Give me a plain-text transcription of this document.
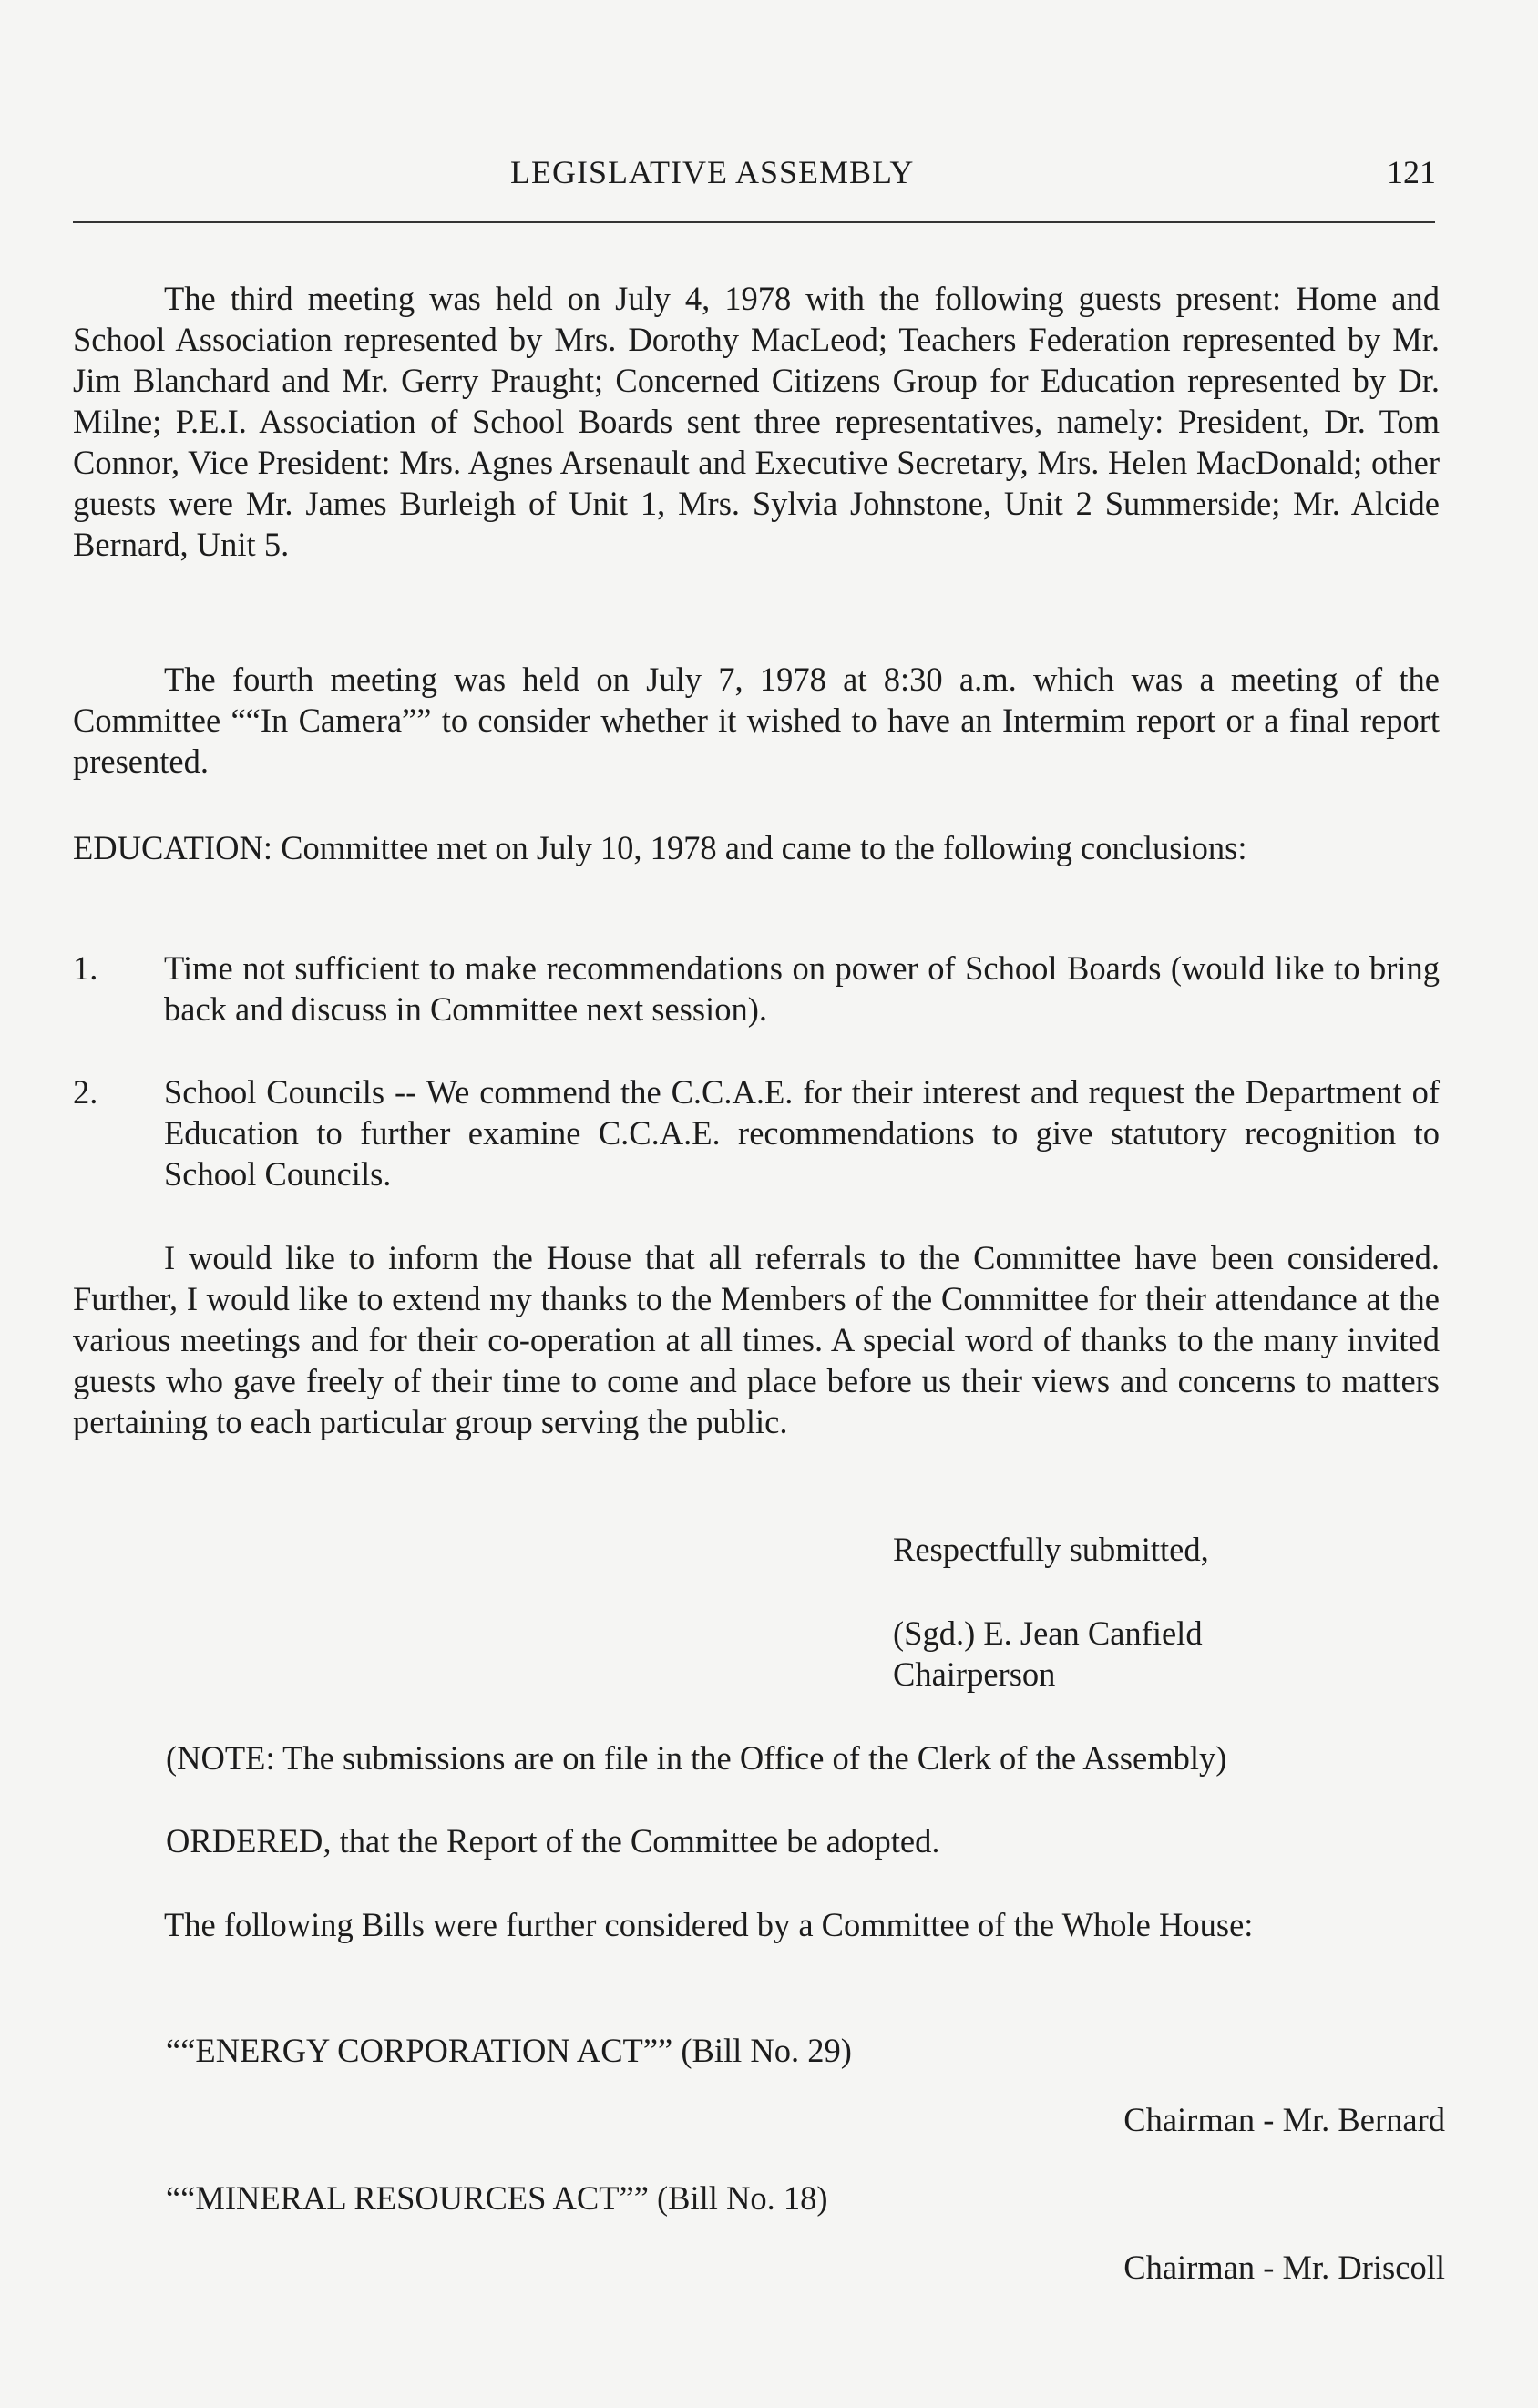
LEGISLATIVE ASSEMBLY	121

The third meeting was held on July 4, 1978 with the following guests present: Home and School Association represented by Mrs. Dorothy MacLeod; Teachers Federation represented by Mr. Jim Blanchard and Mr. Gerry Praught; Concerned Citizens Group for Education represented by Dr. Milne; P.E.I. Association of School Boards sent three representatives, namely: President, Dr. Tom Connor, Vice President: Mrs. Agnes Arsenault and Executive Secretary, Mrs. Helen MacDonald; other guests were Mr. James Burleigh of Unit 1, Mrs. Sylvia Johnstone, Unit 2 Summerside; Mr. Alcide Bernard, Unit 5.

The fourth meeting was held on July 7, 1978 at 8:30 a.m. which was a meeting of the Committee ““In Camera”” to consider whether it wished to have an Intermim report or a final report presented.

EDUCATION: Committee met on July 10, 1978 and came to the following conclusions:

1. Time not sufficient to make recommendations on power of School Boards (would like to bring back and discuss in Committee next session).
2. School Councils -- We commend the C.C.A.E. for their interest and request the Department of Education to further examine C.C.A.E. recommendations to give statutory recognition to School Councils.

I would like to inform the House that all referrals to the Committee have been considered. Further, I would like to extend my thanks to the Members of the Committee for their attendance at the various meetings and for their co-operation at all times. A special word of thanks to the many invited guests who gave freely of their time to come and place before us their views and concerns to matters pertaining to each particular group serving the public.

Respectfully submitted,
(Sgd.) E. Jean Canfield
Chairperson
(NOTE: The submissions are on file in the Office of the Clerk of the Assembly)
ORDERED, that the Report of the Committee be adopted.

The following Bills were further considered by a Committee of the Whole House:

““ENERGY CORPORATION ACT”” (Bill No. 29)
Chairman - Mr. Bernard
““MINERAL RESOURCES ACT”” (Bill No. 18)
Chairman - Mr. Driscoll
